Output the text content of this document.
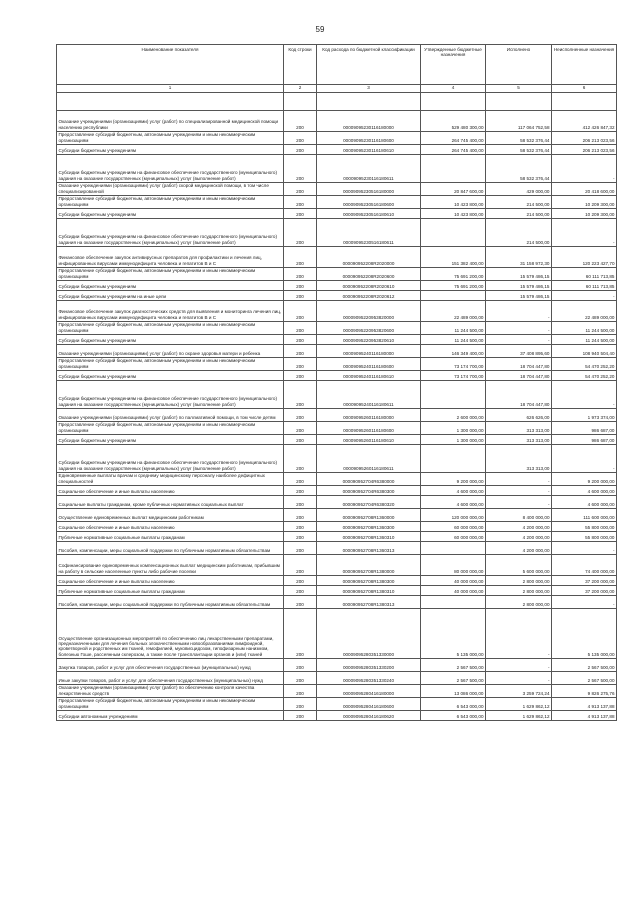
59
Наименование показателя	Код строки	Код расхода по бюджетной классификации	Утвержденные бюджетные назначения	Исполнено	Неисполненные назначения
1	2	3	4	5	6

Оказание учреждениями (организациями) услуг (работ) по специализированной медицинской помощи населению республики	200	00009095230116180000	529 480 300,00	117 064 752,58	412 426 847,32
Предоставление субсидий бюджетным, автономным учреждениям и иным некоммерческим организациям	200	00009095230116180600	264 745 400,00	58 532 376,44	206 213 023,56
Субсидии бюджетным учреждениям	200	00009095230116180610	264 745 400,00	58 532 376,44	206 213 023,56
Субсидии бюджетным учреждениям на финансовое обеспечение государственного (муниципального) задания на оказание государственных (муниципальных) услуг (выполнение работ)	200	00009095230116180611		58 532 376,44	-
Оказание учреждениями (организациями) услуг (работ) скорой медицинской помощи, в том числе специализированной	200	00009095230516180000	20 847 600,00	429 000,00	20 418 600,00
Предоставление субсидий бюджетным, автономным учреждениям и иным некоммерческим организациям	200	00009095230516180600	10 423 800,00	214 500,00	10 209 300,00
Субсидии бюджетным учреждениям	200	00009095230516180610	10 423 800,00	214 500,00	10 209 300,00
Субсидии бюджетным учреждениям на финансовое обеспечение государственного (муниципального) задания на оказание государственных (муниципальных) услуг (выполнение работ)	200	00009095230516180611		214 500,00	-
Финансовое обеспечение закупок антивирусных препаратов для профилактики и лечения лиц, инфицированных вирусами иммунодефицита человека и гепатитов B и C	200	000090952208R2020000	151 382 400,00	31 158 972,30	120 223 427,70
Предоставление субсидий бюджетным, автономным учреждениям и иным некоммерческим организациям	200	000090952208R2020600	75 691 200,00	15 579 486,15	60 111 713,85
Субсидии бюджетным учреждениям	200	000090952208R2020610	75 691 200,00	15 579 486,15	60 111 713,85
Субсидии бюджетным учреждениям на иные цели	200	000090952208R2020612		15 579 486,15	-
Финансовое обеспечение закупок диагностических средств для выявления и мониторинга лечения лиц, инфицированных вирусами иммунодефицита человека и гепатитов B и C	200	00009095220953820000	22 489 000,00	-	22 489 000,00
Предоставление субсидий бюджетным, автономным учреждениям и иным некоммерческим организациям	200	00009095220953820600	11 244 500,00	-	11 244 500,00
Субсидии бюджетным учреждениям	200	00009095220953820610	11 244 500,00	-	11 244 500,00
Оказание учреждениями (организациями) услуг (работ) по охране здоровья матери и ребенка	200	00009095240116180000	146 349 400,00	37 408 895,60	108 940 504,40
Предоставление субсидий бюджетным, автономным учреждениям и иным некоммерческим организациям	200	00009095240116180600	73 174 700,00	18 704 447,80	54 470 252,20
Субсидии бюджетным учреждениям	200	00009095240116180610	73 174 700,00	18 704 447,80	54 470 252,20
Субсидии бюджетным учреждениям на финансовое обеспечение государственного (муниципального) задания на оказание государственных (муниципальных) услуг (выполнение работ)	200	00009095240116180611		18 704 447,80	-
Оказание учреждениями (организациями) услуг (работ) по паллиативной помощи, в том числе детям	200	00009095260116180000	2 600 000,00	626 626,00	1 973 374,00
Предоставление субсидий бюджетным, автономным учреждениям и иным некоммерческим организациям	200	00009095260116180600	1 300 000,00	313 313,00	986 687,00
Субсидии бюджетным учреждениям	200	00009095260116180610	1 300 000,00	313 313,00	986 687,00
Субсидии бюджетным учреждениям на финансовое обеспечение государственного (муниципального) задания на оказание государственных (муниципальных) услуг (выполнение работ)	200	00009095260116180611		313 313,00	-
Единовременные выплаты врачам и среднему медицинскому персоналу наиболее дефицитных специальностей	200	000090952704R6380000	9 200 000,00	-	9 200 000,00
Социальное обеспечение и иные выплаты населению	200	000090952704R6380300	4 600 000,00	-	4 600 000,00
Социальные выплаты гражданам, кроме публичных нормативных социальных выплат	200	000090952704R6380320	4 600 000,00	-	4 600 000,00
Осуществление единовременных выплат медицинским работникам	200	000090952708R1360000	120 000 000,00	8 400 000,00	111 600 000,00
Социальное обеспечение и иные выплаты населению	200	000090952708R1360300	60 000 000,00	4 200 000,00	55 800 000,00
Публичные нормативные социальные выплаты гражданам	200	000090952708R1360310	60 000 000,00	4 200 000,00	55 800 000,00
Пособия, компенсации, меры социальной поддержки по публичным нормативным обязательствам	200	000090952708R1360313		4 200 000,00	-
Софинансирование единовременных компенсационных выплат медицинским работникам, прибывшим на работу в сельские населенные пункты либо рабочие поселки	200	000090952708R1380000	80 000 000,00	5 600 000,00	74 400 000,00
Социальное обеспечение и иные выплаты населению	200	000090952708R1380300	40 000 000,00	2 800 000,00	37 200 000,00
Публичные нормативные социальные выплаты гражданам	200	000090952708R1380310	40 000 000,00	2 800 000,00	37 200 000,00
Пособия, компенсации, меры социальной поддержки по публичным нормативным обязательствам	200	000090952708R1380313		2 800 000,00	-
Осуществление организационных мероприятий по обеспечению лиц лекарственными препаратами, предназначенными для лечения больных злокачественными новообразованиями лимфоидной, кроветворной и родственных им тканей, гемофилией, муковисцидозом, гипофизарным нанизмом, болезнью Гоше, рассеянным склерозом, а также после трансплантации органов и (или) тканей	200	00009095280351330000	5 135 000,00	-	5 135 000,00
Закупка товаров, работ и услуг для обеспечения государственных (муниципальных) нужд	200	00009095280351330200	2 567 500,00	-	2 567 500,00
Иные закупки товаров, работ и услуг для обеспечения государственных (муниципальных) нужд	200	00009095280351330240	2 567 500,00	-	2 567 500,00
Оказание учреждениями (организациями) услуг (работ) по обеспечению контроля качества лекарственных средств	200	00009095280416180000	13 086 000,00	3 259 724,24	9 826 275,76
Предоставление субсидий бюджетным, автономным учреждениям и иным некоммерческим организациям	200	00009095280416180600	6 543 000,00	1 629 862,12	4 913 137,88
Субсидии автономным учреждениям	200	00009095280416180620	6 543 000,00	1 629 862,12	4 913 137,88
